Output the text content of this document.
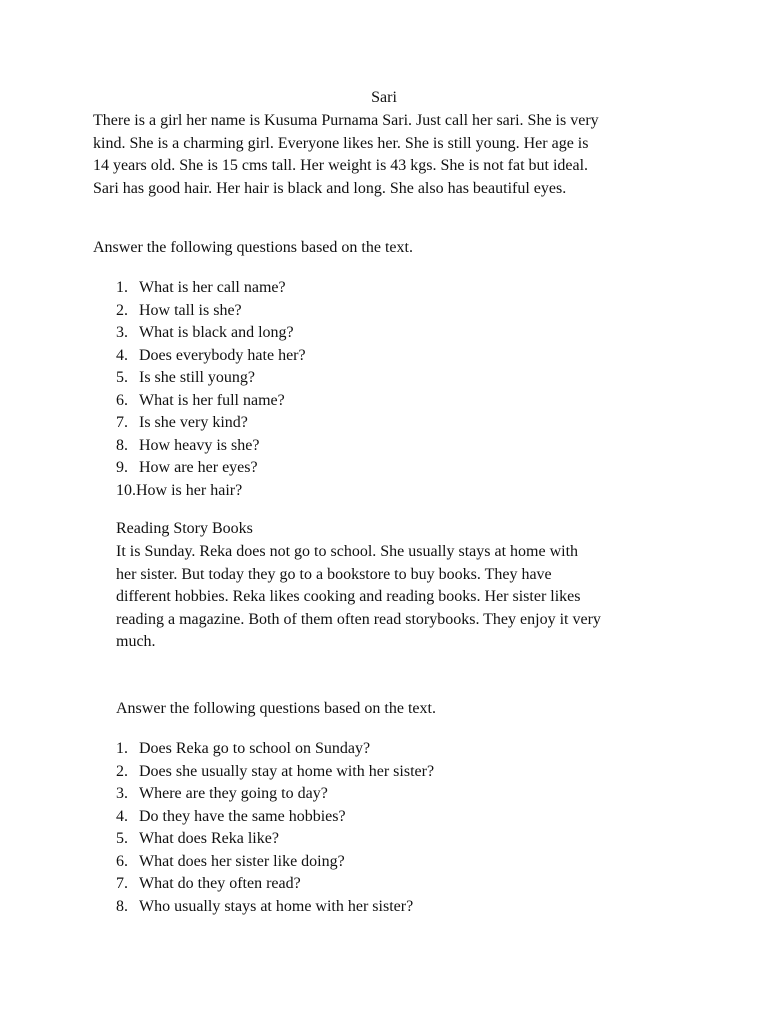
Sari

There is a girl her name is Kusuma Purnama Sari. Just call her sari. She is very
kind. She is a charming girl. Everyone likes her. She is still young. Her age is
14 years old. She is 15 cms tall. Her weight is 43 kgs. She is not fat but ideal.
Sari has good hair. Her hair is black and long. She also has beautiful eyes.

Answer the following questions based on the text.
1. What is her call name?
2. How tall is she?
3. What is black and long?
4. Does everybody hate her?
5. Is she still young?
6. What is her full name?
7. Is she very kind?
8. How heavy is she?
9. How are her eyes?
10.How is her hair?
Reading Story Books

It is Sunday. Reka does not go to school. She usually stays at home with
her sister. But today they go to a bookstore to buy books. They have
different hobbies. Reka likes cooking and reading books. Her sister likes
reading a magazine. Both of them often read storybooks. They enjoy it very
much.

Answer the following questions based on the text.
1. Does Reka go to school on Sunday?
2. Does she usually stay at home with her sister?
3. Where are they going to day?
4. Do they have the same hobbies?
5. What does Reka like?
6. What does her sister like doing?
7. What do they often read?
8. Who usually stays at home with her sister?
